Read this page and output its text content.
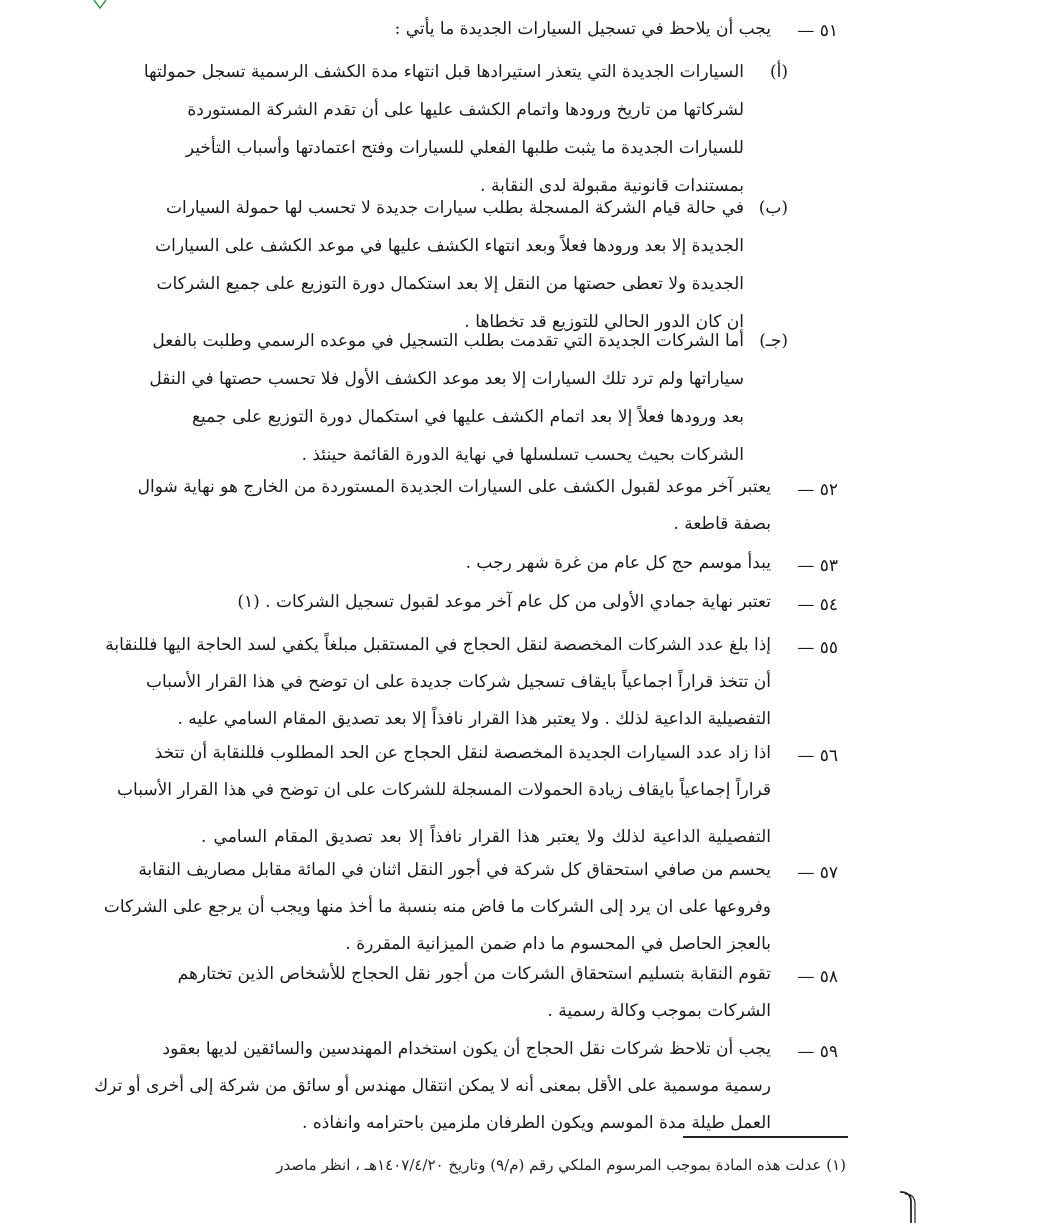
٥١ —
يجب أن يلاحظ في تسجيل السيارات الجديدة ما يأتي :
(أ)
السيارات الجديدة التي يتعذر استيرادها قبل انتهاء مدة الكشف الرسمية تسجل حمولتها
لشركاتها من تاريخ ورودها واتمام الكشف عليها على أن تقدم الشركة المستوردة
للسيارات الجديدة ما يثبت طلبها الفعلي للسيارات وفتح اعتمادتها وأسباب التأخير
بمستندات قانونية مقبولة لدى النقابة .
(ب)
في حالة قيام الشركة المسجلة بطلب سيارات جديدة لا تحسب لها حمولة السيارات
الجديدة إلا بعد ورودها فعلاً وبعد انتهاء الكشف عليها في موعد الكشف على السيارات
الجديدة ولا تعطى حصتها من النقل إلا بعد استكمال دورة التوزيع على جميع الشركات
ان كان الدور الحالي للتوزيع قد تخطاها .
(جـ)
أما الشركات الجديدة التي تقدمت بطلب التسجيل في موعده الرسمي وطلبت بالفعل
سياراتها ولم ترد تلك السيارات إلا بعد موعد الكشف الأول فلا تحسب حصتها في النقل
بعد ورودها فعلاً إلا بعد اتمام الكشف عليها في استكمال دورة التوزيع على جميع
الشركات بحيث يحسب تسلسلها في نهاية الدورة القائمة حينئذ .
٥٢ —
يعتبر آخر موعد لقبول الكشف على السيارات الجديدة المستوردة من الخارج هو نهاية شوال
بصفة قاطعة .
٥٣ —
يبدأ موسم حج كل عام من غرة شهر رجب .
٥٤ —
تعتبر نهاية جمادي الأولى من كل عام آخر موعد لقبول تسجيل الشركات . (١)
٥٥ —
إذا بلغ عدد الشركات المخصصة لنقل الحجاج في المستقبل مبلغاً يكفي لسد الحاجة اليها فللنقابة
أن تتخذ قراراً اجماعياً بايقاف تسجيل شركات جديدة على ان توضح في هذا القرار الأسباب
التفصيلية الداعية لذلك . ولا يعتبر هذا القرار نافذاً إلا بعد تصديق المقام السامي عليه .
٥٦ —
اذا زاد عدد السيارات الجديدة المخصصة لنقل الحجاج عن الحد المطلوب فللنقابة أن تتخذ
قراراً إجماعياً بايقاف زيادة الحمولات المسجلة للشركات على ان توضح في هذا القرار الأسباب
التفصيلية الداعية لذلك ولا يعتبر هذا القرار نافذاً إلا بعد تصديق المقام السامي .
٥٧ —
يحسم من صافي استحقاق كل شركة في أجور النقل اثنان في المائة مقابل مصاريف النقابة
وفروعها على ان يرد إلى الشركات ما فاض منه بنسبة ما أخذ منها ويجب أن يرجع على الشركات
بالعجز الحاصل في المحسوم ما دام ضمن الميزانية المقررة .
٥٨ —
تقوم النقابة بتسليم استحقاق الشركات من أجور نقل الحجاج للأشخاص الذين تختارهم
الشركات بموجب وكالة رسمية .
٥٩ —
يجب أن تلاحظ شركات نقل الحجاج أن يكون استخدام المهندسين والسائقين لديها بعقود
رسمية موسمية على الأقل بمعنى أنه لا يمكن انتقال مهندس أو سائق من شركة إلى أخرى أو ترك
العمل طيلة مدة الموسم ويكون الطرفان ملزمين باحترامه وانفاذه .
(١) عدلت هذه المادة بموجب المرسوم الملكي رقم (م/٩) وتاريخ ١٤٠٧/٤/٢٠هـ ، انظر ماصدر
